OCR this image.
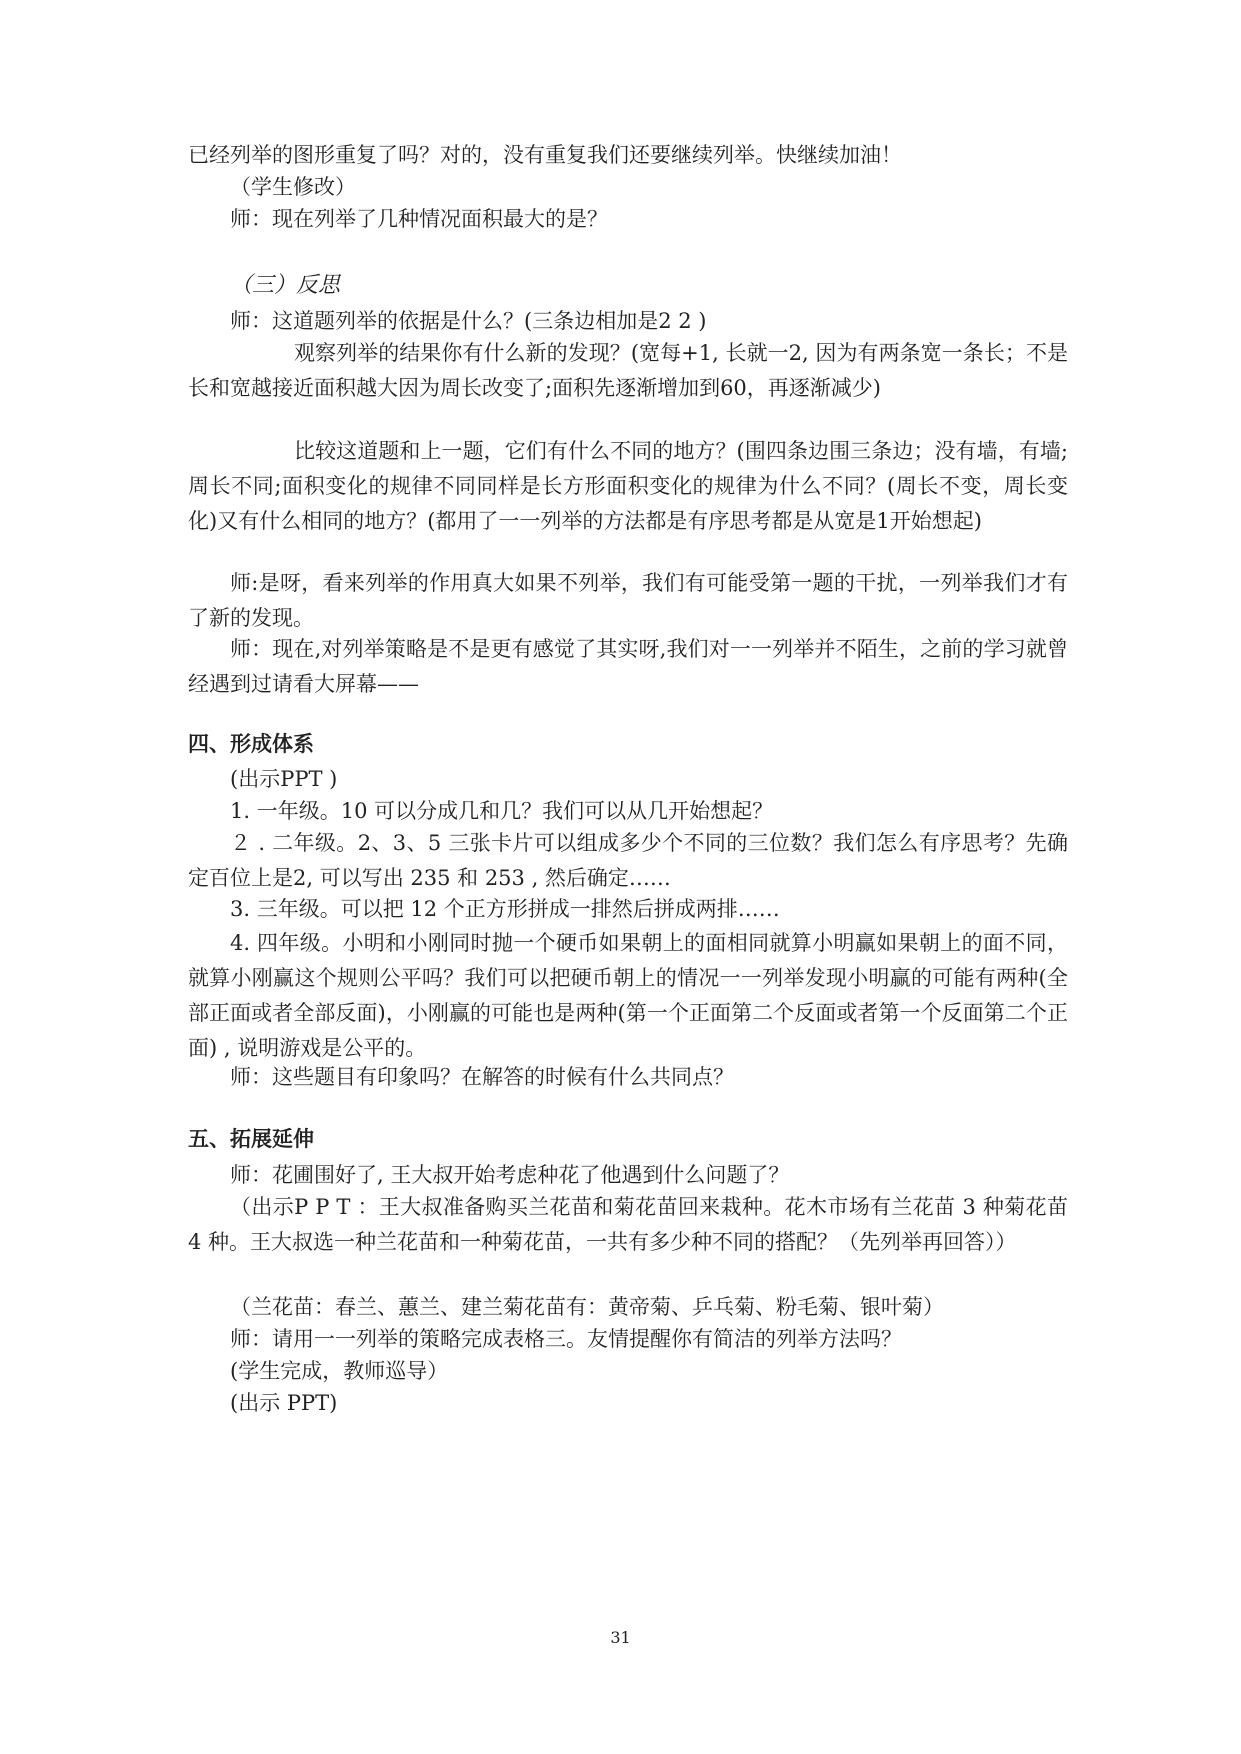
已经列举的图形重复了吗？对的，没有重复我们还要继续列举。快继续加油！

（学生修改）

师：现在列举了几种情况面积最大的是？

（三）反思

师：这道题列举的依据是什么？(三条边相加是2 2 )

观察列举的结果你有什么新的发现？(宽每+1, 长就一2, 因为有两条宽一条长；不是长和宽越接近面积越大因为周长改变了;面积先逐渐增加到60，再逐渐减少)

比较这道题和上一题，它们有什么不同的地方？(围四条边围三条边；没有墙，有墙;周长不同;面积变化的规律不同同样是长方形面积变化的规律为什么不同？(周长不变，周长变化)又有什么相同的地方？(都用了一一列举的方法都是有序思考都是从宽是1开始想起)

师:是呀，看来列举的作用真大如果不列举，我们有可能受第一题的干扰，一列举我们才有了新的发现。

师：现在,对列举策略是不是更有感觉了其实呀,我们对一一列举并不陌生，之前的学习就曾经遇到过请看大屏幕——

四、形成体系

(出示PPT )

1. 一年级。10 可以分成几和几？我们可以从几开始想起？

２ . 二年级。2、3、5 三张卡片可以组成多少个不同的三位数？我们怎么有序思考？先确定百位上是2, 可以写出 235 和 253 , 然后确定……

3. 三年级。可以把 12 个正方形拼成一排然后拼成两排……

4. 四年级。小明和小刚同时抛一个硬币如果朝上的面相同就算小明赢如果朝上的面不同，就算小刚赢这个规则公平吗？我们可以把硬币朝上的情况一一列举发现小明赢的可能有两种(全部正面或者全部反面)，小刚赢的可能也是两种(第一个正面第二个反面或者第一个反面第二个正面) , 说明游戏是公平的。

师：这些题目有印象吗？在解答的时候有什么共同点？

五、拓展延伸

师：花圃围好了, 王大叔开始考虑种花了他遇到什么问题了？

（出示P P T ：王大叔准备购买兰花苗和菊花苗回来栽种。花木市场有兰花苗 3 种菊花苗 4 种。王大叔选一种兰花苗和一种菊花苗，一共有多少种不同的搭配？（先列举再回答））

（兰花苗：春兰、蕙兰、建兰菊花苗有：黄帝菊、乒乓菊、粉毛菊、银叶菊）

师：请用一一列举的策略完成表格三。友情提醒你有简洁的列举方法吗？

(学生完成，教师巡导）

(出示 PPT)

31
